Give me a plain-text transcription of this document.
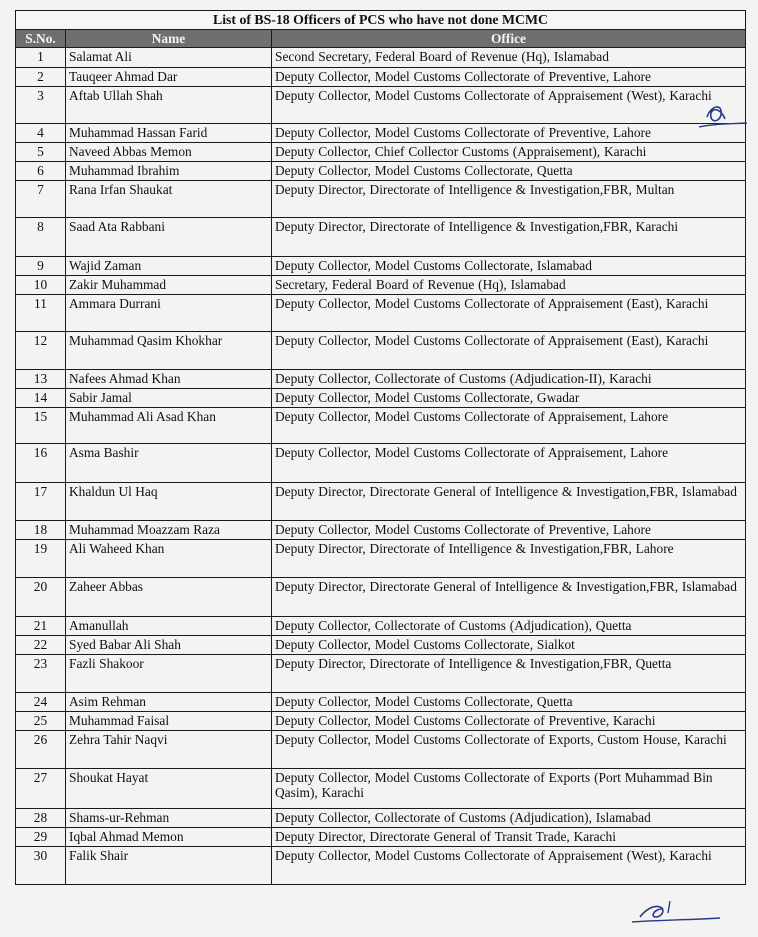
List of BS-18 Officers of PCS who have not done MCMC		
S.No.	Name	Office
1	Salamat Ali	Second Secretary, Federal Board of Revenue (Hq), Islamabad
2	Tauqeer Ahmad Dar	Deputy Collector, Model Customs Collectorate of Preventive, Lahore
3	Aftab Ullah Shah	Deputy Collector, Model Customs Collectorate of Appraisement (West), Karachi
4	Muhammad Hassan Farid	Deputy Collector, Model Customs Collectorate of Preventive, Lahore
5	Naveed Abbas Memon	Deputy Collector, Chief Collector Customs (Appraisement), Karachi
6	Muhammad Ibrahim	Deputy Collector, Model Customs Collectorate, Quetta
7	Rana Irfan Shaukat	Deputy Director, Directorate of Intelligence & Investigation,FBR, Multan
8	Saad Ata Rabbani	Deputy Director, Directorate of Intelligence & Investigation,FBR, Karachi
9	Wajid Zaman	Deputy Collector, Model Customs Collectorate, Islamabad
10	Zakir Muhammad	Secretary, Federal Board of Revenue (Hq), Islamabad
11	Ammara Durrani	Deputy Collector, Model Customs Collectorate of Appraisement (East), Karachi
12	Muhammad Qasim Khokhar	Deputy Collector, Model Customs Collectorate of Appraisement (East), Karachi
13	Nafees Ahmad Khan	Deputy Collector, Collectorate of Customs (Adjudication-II), Karachi
14	Sabir Jamal	Deputy Collector, Model Customs Collectorate, Gwadar
15	Muhammad Ali Asad Khan	Deputy Collector, Model Customs Collectorate of Appraisement, Lahore
16	Asma Bashir	Deputy Collector, Model Customs Collectorate of Appraisement, Lahore
17	Khaldun Ul Haq	Deputy Director, Directorate General of Intelligence & Investigation,FBR, Islamabad
18	Muhammad Moazzam Raza	Deputy Collector, Model Customs Collectorate of Preventive, Lahore
19	Ali Waheed Khan	Deputy Director, Directorate of Intelligence & Investigation,FBR, Lahore
20	Zaheer Abbas	Deputy Director, Directorate General of Intelligence & Investigation,FBR, Islamabad
21	Amanullah	Deputy Collector, Collectorate of Customs (Adjudication), Quetta
22	Syed Babar Ali Shah	Deputy Collector, Model Customs Collectorate, Sialkot
23	Fazli Shakoor	Deputy Director, Directorate of Intelligence & Investigation,FBR, Quetta
24	Asim Rehman	Deputy Collector, Model Customs Collectorate, Quetta
25	Muhammad Faisal	Deputy Collector, Model Customs Collectorate of Preventive, Karachi
26	Zehra Tahir Naqvi	Deputy Collector, Model Customs Collectorate of Exports, Custom House, Karachi
27	Shoukat Hayat	Deputy Collector, Model Customs Collectorate of Exports (Port Muhammad Bin Qasim), Karachi
28	Shams-ur-Rehman	Deputy Collector, Collectorate of Customs (Adjudication), Islamabad
29	Iqbal Ahmad Memon	Deputy Director, Directorate General of Transit Trade, Karachi
30	Falik Shair	Deputy Collector, Model Customs Collectorate of Appraisement (West), Karachi
